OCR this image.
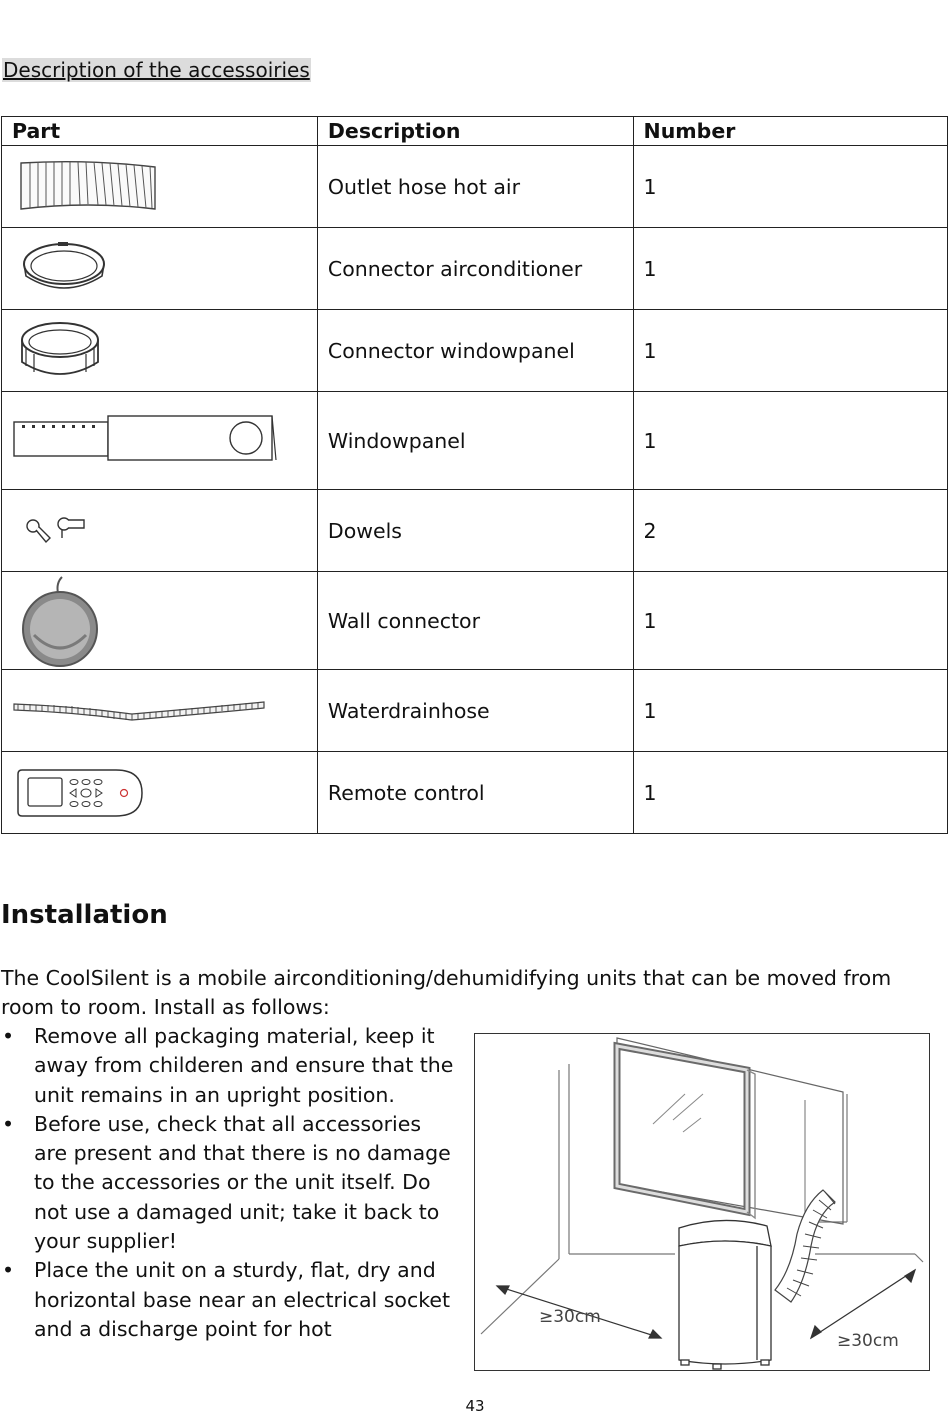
Description of the accessoiries
Part	Description	Number

	Outlet hose hot air	1

	Connector airconditioner	1

	Connector windowpanel	1

	Windowpanel	1

	Dowels	2

	Wall connector	1

	Waterdrainhose	1

	Remote control	1
Installation

The CoolSilent is a mobile airconditioning/dehumidifying units that can be moved from room to room. Install as follows:

• Remove all packaging material, keep it away from childeren and ensure that the unit remains in an upright position.
• Before use, check that all accessories are present and that there is no damage to the accessories or the unit itself. Do not use a damaged unit; take it back to your supplier!
• Place the unit on a sturdy, flat, dry and horizontal base near an electrical socket and a discharge point for hot	≥30cm
≥30cm
43
